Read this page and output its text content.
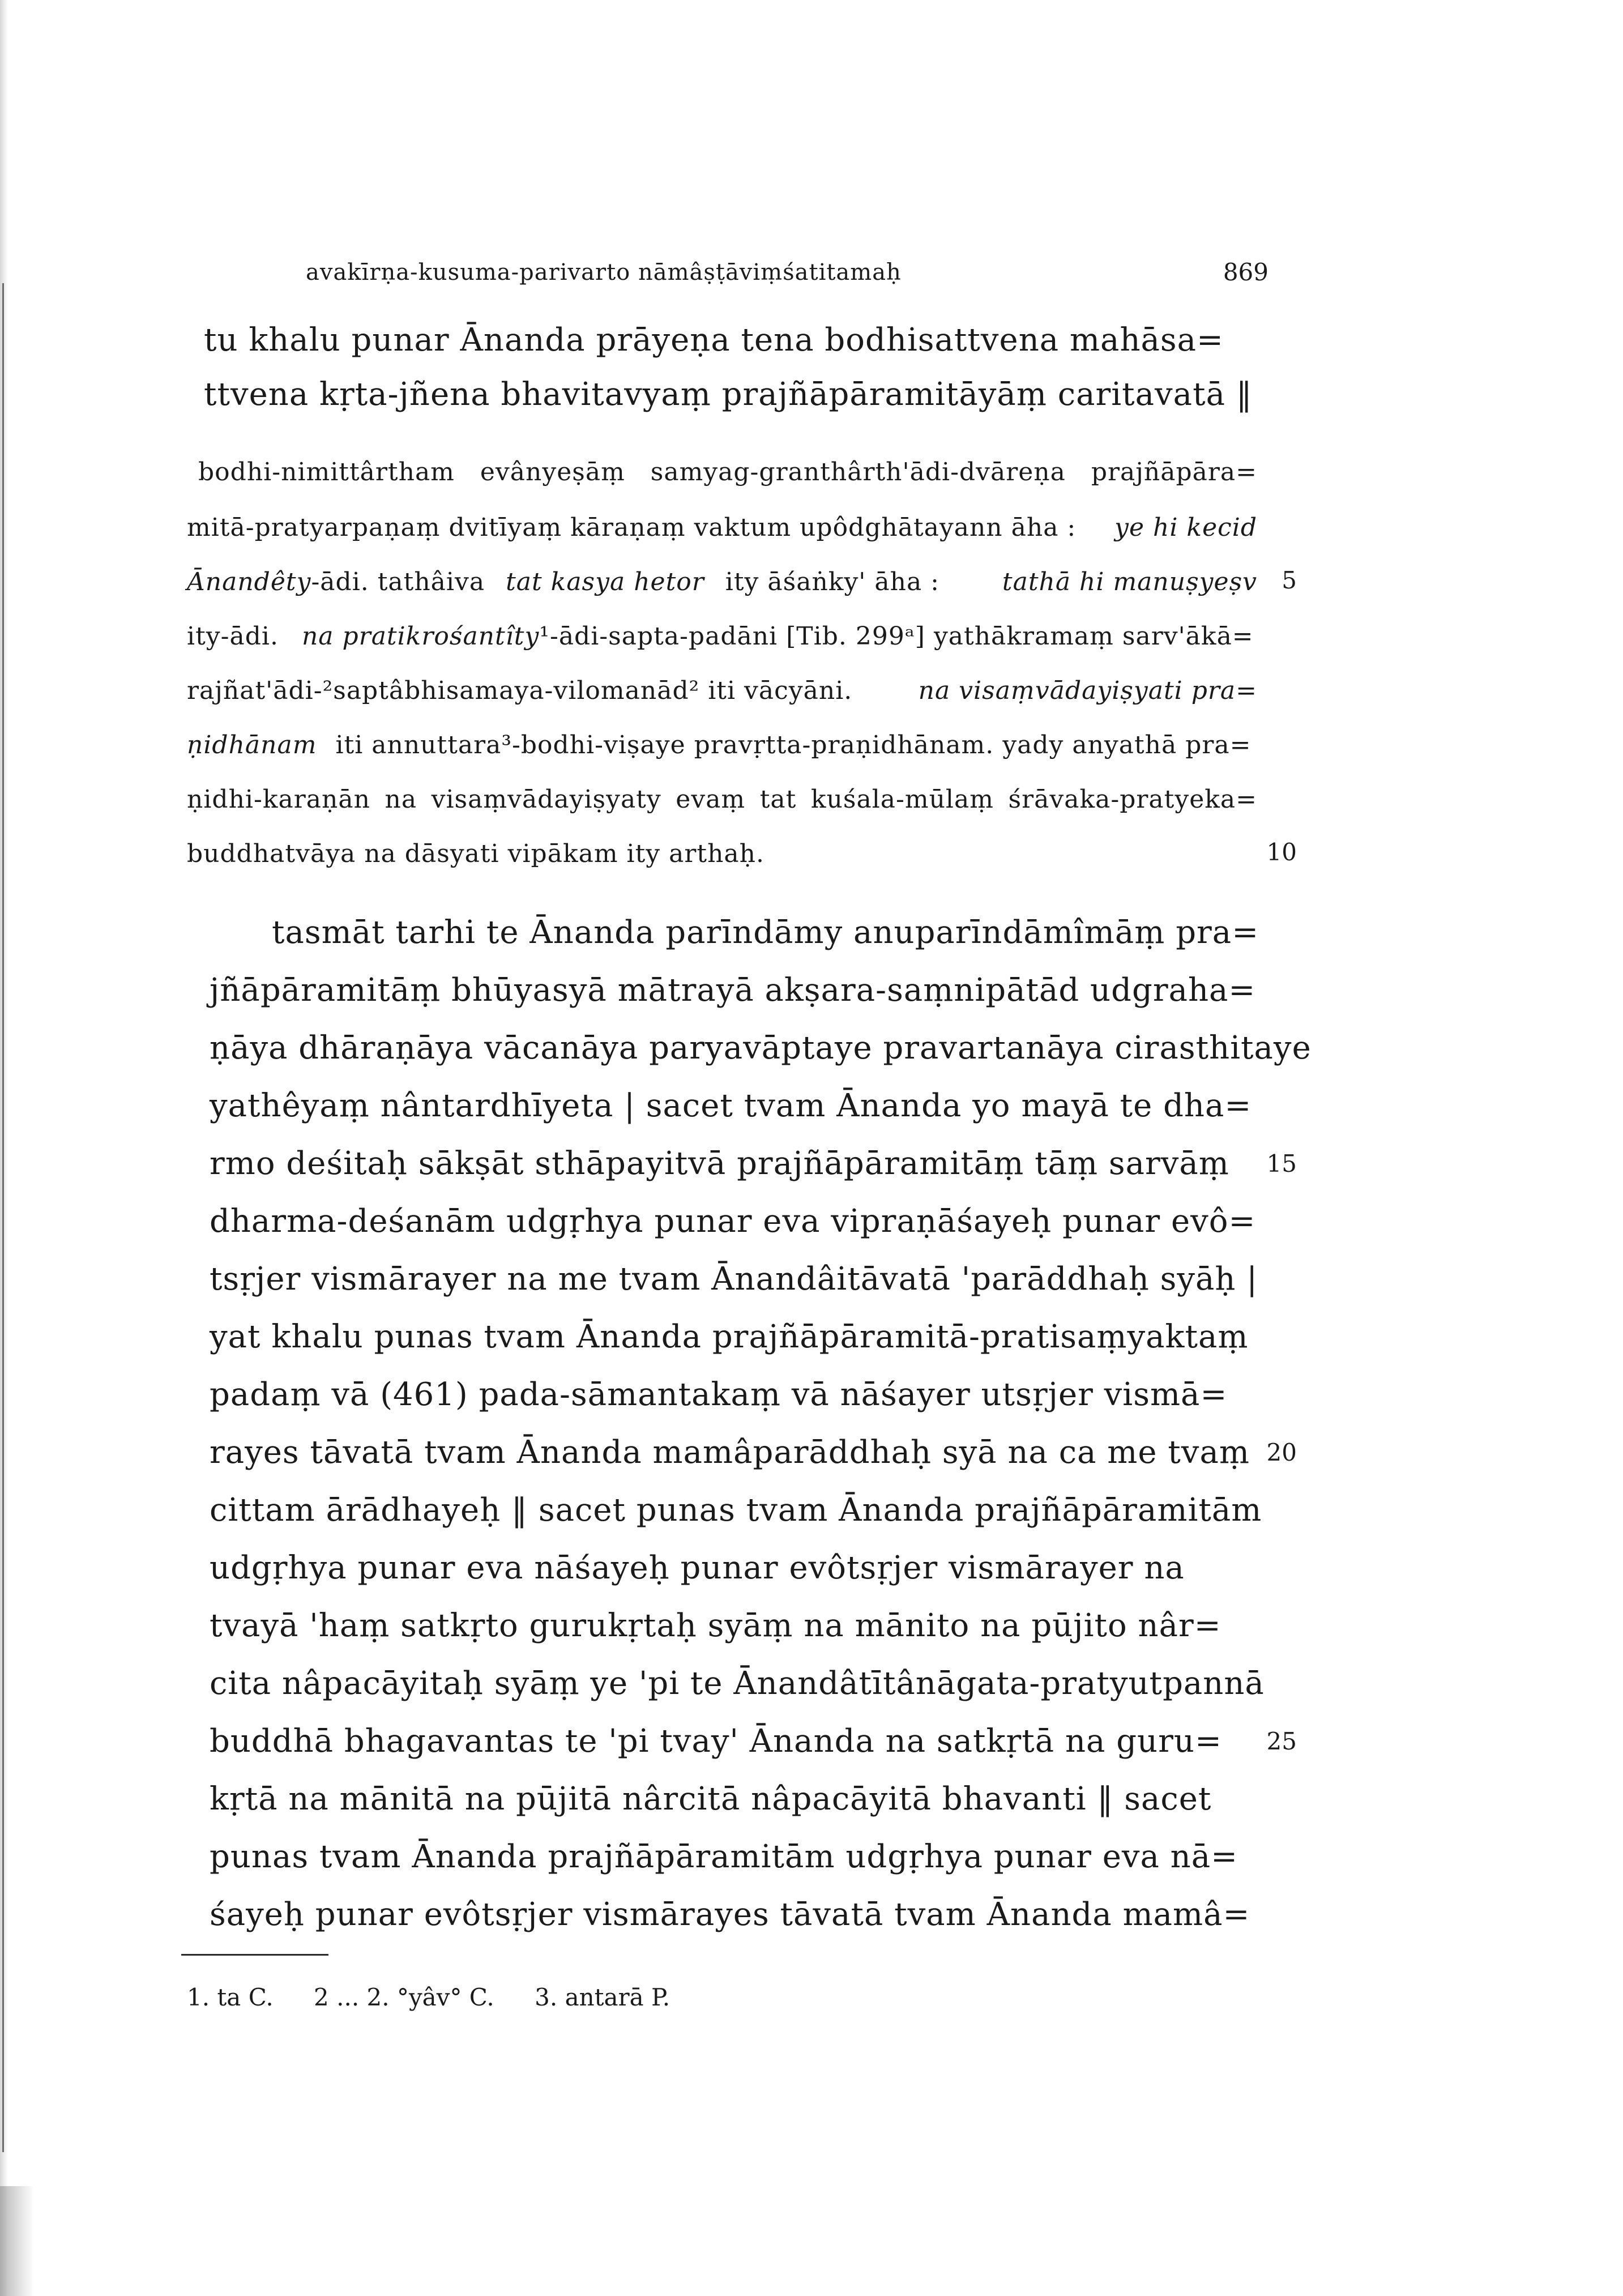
avakīrṇa-kusuma-parivarto nāmâṣṭāviṃśatitamaḥ	869
tu khalu punar Ānanda prāyeṇa tena bodhisattvena mahāsa=
ttvena kṛta-jñena bhavitavyaṃ prajñāpāramitāyāṃ caritavatā ‖
bodhi-nimittârtham evânyeṣāṃ samyag-granthârth'ādi-dvāreṇa prajñāpāra=
mitā-pratyarpaṇaṃ dvitīyaṃ kāraṇaṃ vaktum upôdghātayann āha : ye hi kecid
Ānandêty-ādi. tathâiva tat kasya hetor ity āśaṅky' āha :	tathā hi manuṣyeṣv	5
ity-ādi. na pratikrośantîty¹-ādi-sapta-padāni [Tib. 299ᵃ] yathākramaṃ sarv'ākā=
rajñat'ādi-²saptâbhisamaya-vilomanād² iti vācyāni.	na visaṃvādayiṣyati pra=
ṇidhānam iti annuttara³-bodhi-viṣaye pravṛtta-praṇidhānam. yady anyathā pra=
ṇidhi-karaṇān na visaṃvādayiṣyaty evaṃ tat kuśala-mūlaṃ śrāvaka-pratyeka=
buddhatvāya na dāsyati vipākam ity arthaḥ.	10
tasmāt tarhi te Ānanda parīndāmy anuparīndāmîmāṃ pra=
jñāpāramitāṃ bhūyasyā mātrayā akṣara-saṃnipātād udgraha=
ṇāya dhāraṇāya vācanāya paryavāptaye pravartanāya cirasthitaye
yathêyaṃ nântardhīyeta | sacet tvam Ānanda yo mayā te dha=
rmo deśitaḥ sākṣāt sthāpayitvā prajñāpāramitāṃ tāṃ sarvāṃ 15
dharma-deśanām udgṛhya punar eva vipraṇāśayeḥ punar evô=
tsṛjer vismārayer na me tvam Ānandâitāvatā 'parāddhaḥ syāḥ |
yat khalu punas tvam Ānanda prajñāpāramitā-pratisaṃyaktaṃ
padaṃ vā (461) pada-sāmantakaṃ vā nāśayer utsṛjer vismā=
rayes tāvatā tvam Ānanda mamâparāddhaḥ syā na ca me tvaṃ 20
cittam ārādhayeḥ ‖ sacet punas tvam Ānanda prajñāpāramitām
udgṛhya punar eva nāśayeḥ punar evôtsṛjer vismārayer na
tvayā 'haṃ satkṛto gurukṛtaḥ syāṃ na mānito na pūjito nâr=
cita nâpacāyitaḥ syāṃ ye 'pi te Ānandâtītânāgata-pratyutpannā
buddhā bhagavantas te 'pi tvay' Ānanda na satkṛtā na guru= 25
kṛtā na mānitā na pūjitā nârcitā nâpacāyitā bhavanti ‖ sacet
punas tvam Ānanda prajñāpāramitām udgṛhya punar eva nā=
śayeḥ punar evôtsṛjer vismārayes tāvatā tvam Ānanda mamâ=
1. ta C. 2 ... 2. °yâv° C. 3. antarā P.
